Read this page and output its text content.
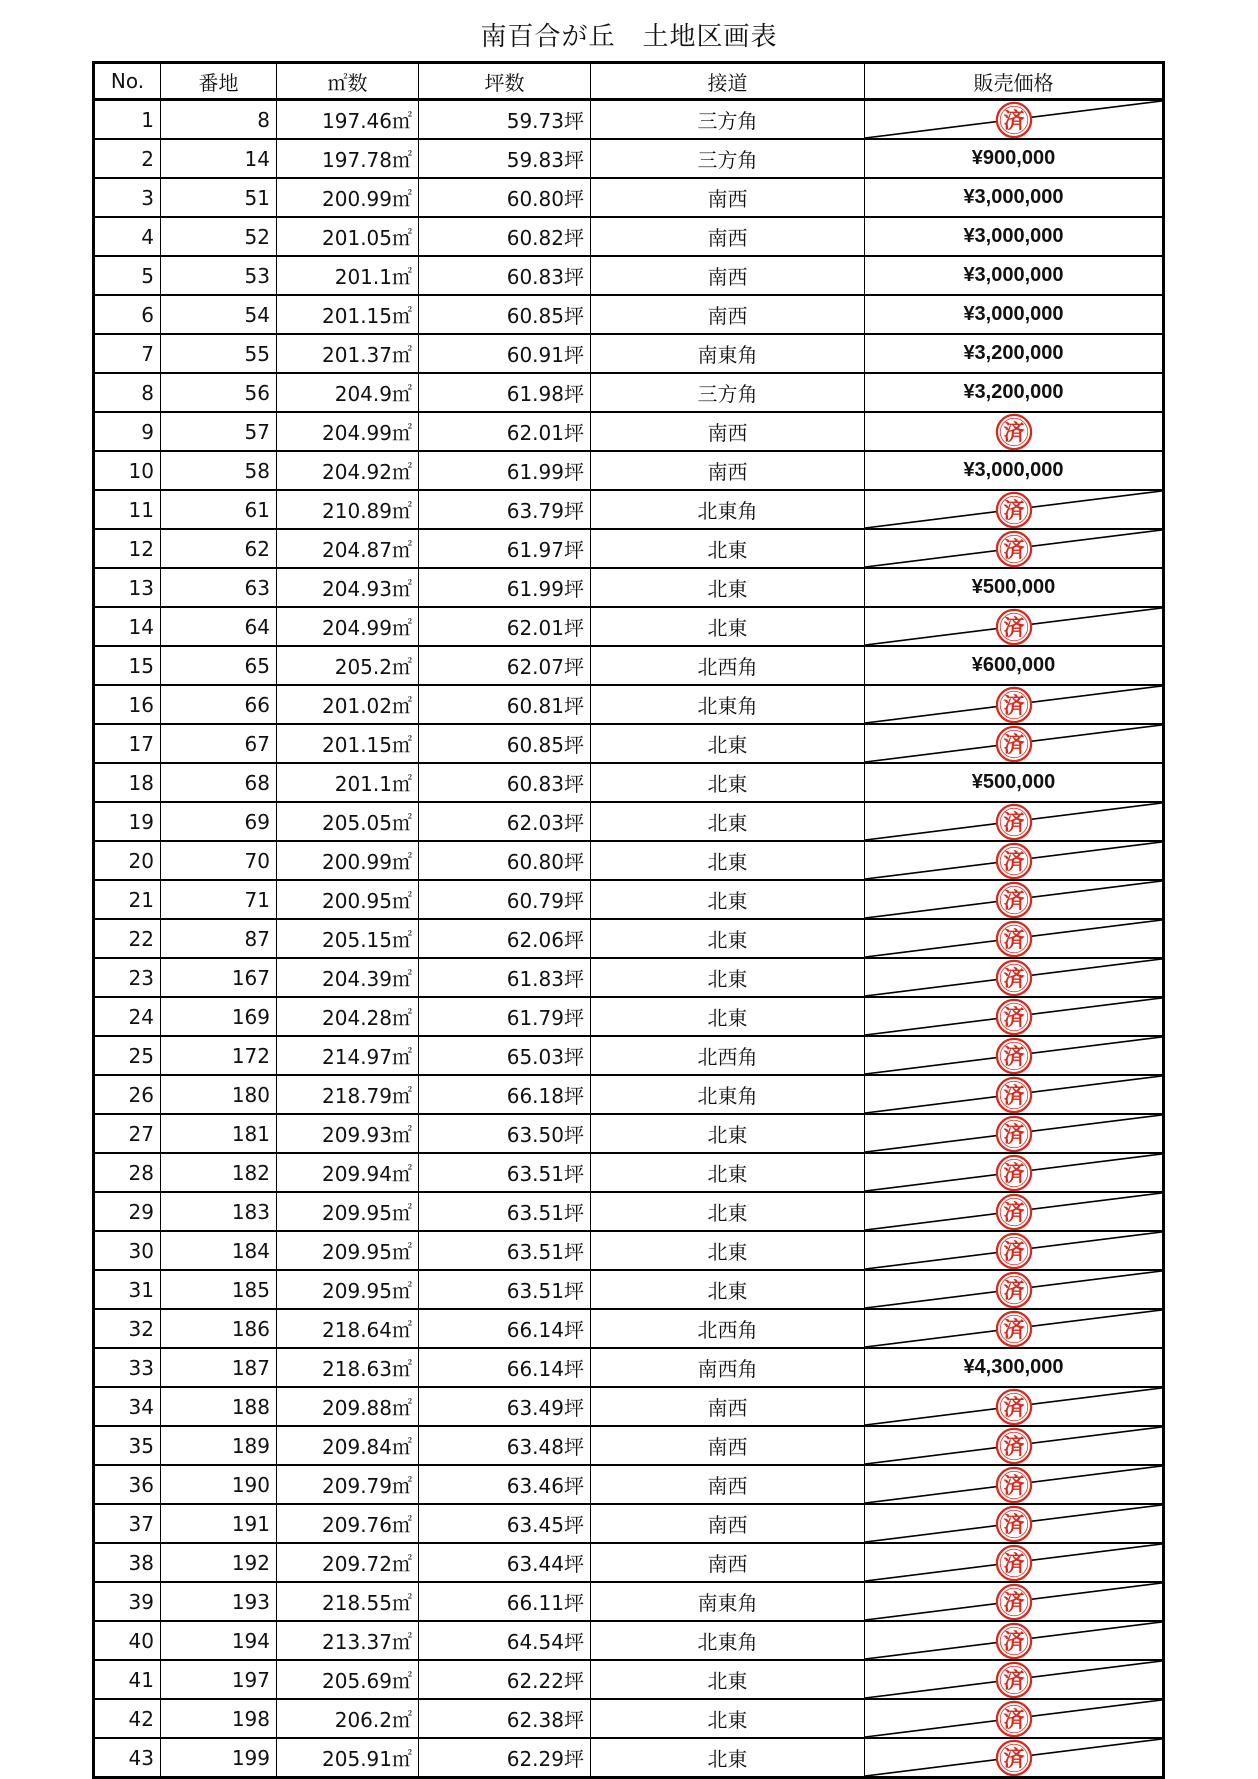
南百合が丘　土地区画表
No.	番地	㎡数	坪数	接道	販売価格
1	8	197.46㎡	59.73坪	三方角	済

2	14	197.78㎡	59.83坪	三方角	¥900,000
3	51	200.99㎡	60.80坪	南西	¥3,000,000
4	52	201.05㎡	60.82坪	南西	¥3,000,000
5	53	201.1㎡	60.83坪	南西	¥3,000,000
6	54	201.15㎡	60.85坪	南西	¥3,000,000
7	55	201.37㎡	60.91坪	南東角	¥3,200,000
8	56	204.9㎡	61.98坪	三方角	¥3,200,000
9	57	204.99㎡	62.01坪	南西	済

10	58	204.92㎡	61.99坪	南西	¥3,000,000
11	61	210.89㎡	63.79坪	北東角	済

12	62	204.87㎡	61.97坪	北東	済

13	63	204.93㎡	61.99坪	北東	¥500,000
14	64	204.99㎡	62.01坪	北東	済

15	65	205.2㎡	62.07坪	北西角	¥600,000
16	66	201.02㎡	60.81坪	北東角	済

17	67	201.15㎡	60.85坪	北東	済

18	68	201.1㎡	60.83坪	北東	¥500,000
19	69	205.05㎡	62.03坪	北東	済

20	70	200.99㎡	60.80坪	北東	済

21	71	200.95㎡	60.79坪	北東	済

22	87	205.15㎡	62.06坪	北東	済

23	167	204.39㎡	61.83坪	北東	済

24	169	204.28㎡	61.79坪	北東	済

25	172	214.97㎡	65.03坪	北西角	済

26	180	218.79㎡	66.18坪	北東角	済

27	181	209.93㎡	63.50坪	北東	済

28	182	209.94㎡	63.51坪	北東	済

29	183	209.95㎡	63.51坪	北東	済

30	184	209.95㎡	63.51坪	北東	済

31	185	209.95㎡	63.51坪	北東	済

32	186	218.64㎡	66.14坪	北西角	済

33	187	218.63㎡	66.14坪	南西角	¥4,300,000
34	188	209.88㎡	63.49坪	南西	済

35	189	209.84㎡	63.48坪	南西	済

36	190	209.79㎡	63.46坪	南西	済

37	191	209.76㎡	63.45坪	南西	済

38	192	209.72㎡	63.44坪	南西	済

39	193	218.55㎡	66.11坪	南東角	済

40	194	213.37㎡	64.54坪	北東角	済

41	197	205.69㎡	62.22坪	北東	済

42	198	206.2㎡	62.38坪	北東	済

43	199	205.91㎡	62.29坪	北東	済
